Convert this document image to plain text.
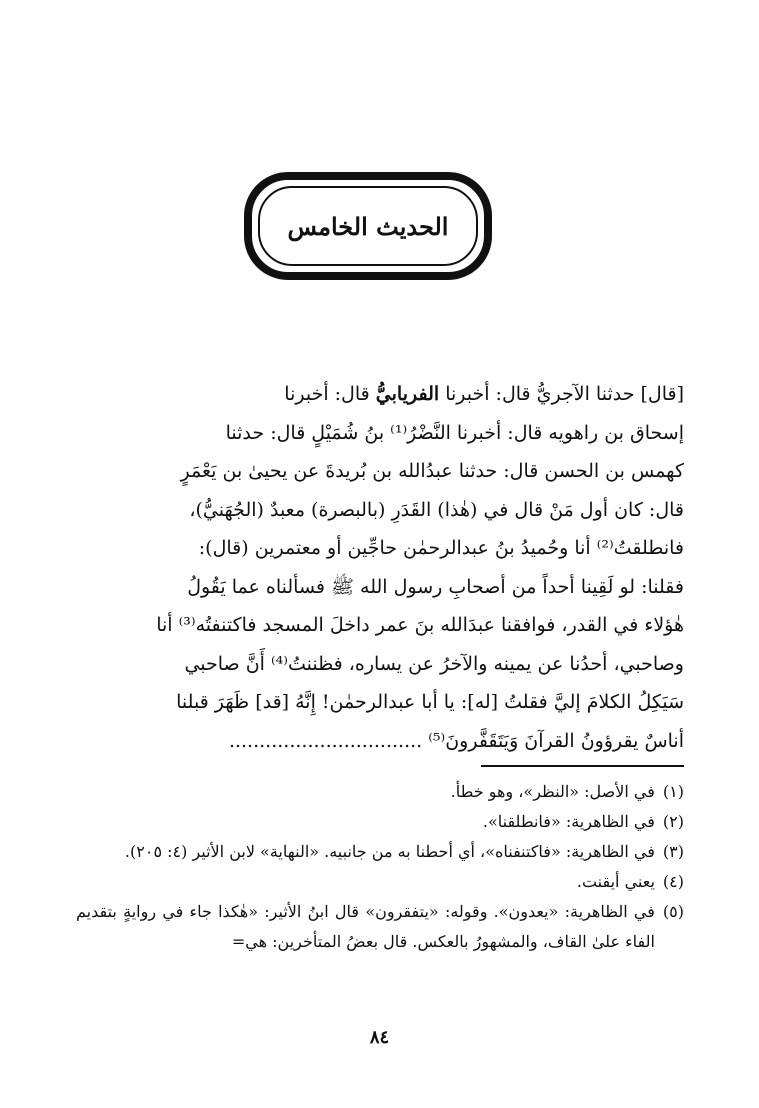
الحديث الخامس
[قال] حدثنا الآجريُّ قال: أخبرنا الفريابيُّ قال: أخبرنا
إسحاق بن راهويه قال: أخبرنا النَّضْرُ⁽¹⁾ بنُ شُمَيْلٍ قال: حدثنا
كهمس بن الحسن قال: حدثنا عبدُالله بن بُريدةَ عن يحيىٰ بن يَعْمَرٍ
قال: كان أول مَنْ قال في (هٰذا) القَدَرِ (بالبصرة) معبدٌ (الجُهَنيُّ)،
فانطلقتُ⁽²⁾ أنا وحُميدُ بنُ عبدالرحمٰن حاجِّين أو معتمرين (قال):
فقلنا: لو لَقِينا أحداً من أصحابِ رسول الله ﷺ فسألناه عما يَقُولُ
هٰؤلاء في القدر، فوافقنا عبدَالله بنَ عمر داخلَ المسجد فاكتنفتُه⁽³⁾ أنا
وصاحبي، أحدُنا عن يمينه والآخرُ عن يساره، فظننتُ⁽⁴⁾ أَنَّ صاحبي
سَيَكِلُ الكلامَ إليَّ فقلتُ [له]: يا أبا عبدالرحمٰن! إِنَّهُ [قد] ظَهَرَ قبلنا
أناسٌ يقرؤونُ القرآنَ وَيَتَقَفَّرونَ⁽⁵⁾ ................................
(١)
في الأصل: «النظر»، وهو خطأ.
(٢)
في الظاهرية: «فانطلقنا».
(٣)
في الظاهرية: «فاكتنفناه»، أي أحطنا به من جانبيه. «النهاية» لابن الأثير (٤: ٢٠٥).
(٤)
يعني أيقنت.
(٥)
في الظاهرية: «يعدون». وقوله: «يتفقرون» قال ابنُ الأثير: «هٰكذا جاء في روايةٍ بتقديم الفاء علىٰ القاف، والمشهورُ بالعكس. قال بعضُ المتأخرين: هي=
٨٤
